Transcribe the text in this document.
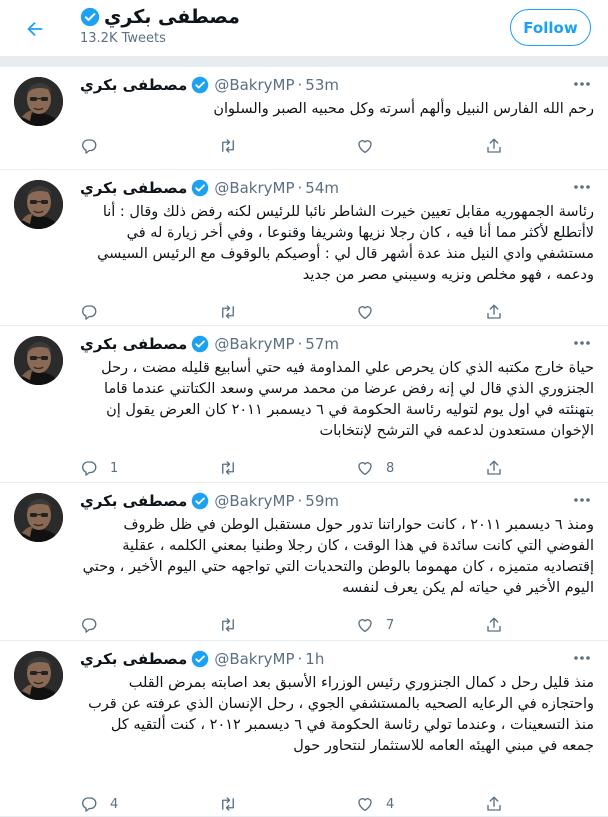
مصطفى بكري
13.2K Tweets
Follow
مصطفى بكري @BakryMP · 53m
رحم الله الفارس النبيل وألهم أسرته وكل محبيه الصبر والسلوان
مصطفى بكري @BakryMP · 54m
رئاسة الجمهوريه مقابل تعيين خيرت الشاطر نائبا للرئيس لكنه رفض ذلك وقال : أنا لاأتطلع لأكثر مما أنا فيه ، كان رجلا نزيها وشريفا وقنوعا ، وفي أخر زيارة له في مستشفي وادي النيل منذ عدة أشهر قال لي : أوصيكم بالوقوف مع الرئيس السيسي ودعمه ، فهو مخلص ونزيه وسيبني مصر من جديد
مصطفى بكري @BakryMP · 57m
حياة خارج مكتبه الذي كان يحرص علي المداومة فيه حتي أسابيع قليله مضت ، رحل الجنزوري الذي قال لي إنه رفض عرضا من محمد مرسي وسعد الكتاتني عندما قاما بتهنئته في اول يوم لتوليه رئاسة الحكومة في ٦ ديسمبر ٢٠١١ كان العرض يقول إن الإخوان مستعدون لدعمه في الترشح لإنتخابات
1	8
مصطفى بكري @BakryMP · 59m
ومنذ ٦ ديسمبر ٢٠١١ ، كانت حواراتنا تدور حول مستقبل الوطن في ظل ظروف الفوضي التي كانت سائدة في هذا الوقت ، كان رجلا وطنيا بمعني الكلمه ، عقلية إقتصاديه متميزه ، كان مهموما بالوطن والتحديات التي تواجهه حتي اليوم الأخير ، وحتي اليوم الأخير في حياته لم يكن يعرف لنفسه
7
مصطفى بكري @BakryMP · 1h
منذ قليل رحل د كمال الجنزوري رئيس الوزراء الأسبق بعد اصابته بمرض القلب واحتجازه في الرعايه الصحيه بالمستشفي الجوي ، رحل الإنسان الذي عرفته عن قرب منذ التسعينات ، وعندما تولي رئاسة الحكومة في ٦ ديسمبر ٢٠١٢ ، كنت ألتقيه كل جمعه في مبني الهيئه العامه للاستثمار لنتحاور حول
4	4
